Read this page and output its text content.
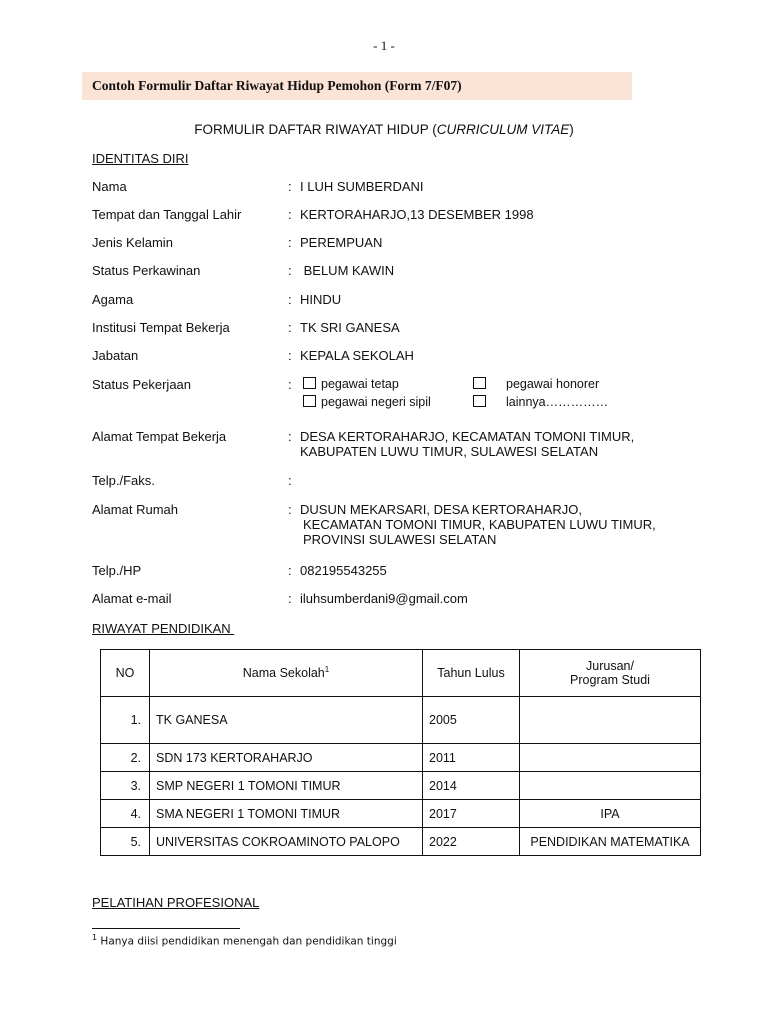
- 1 -
Contoh Formulir Daftar Riwayat Hidup Pemohon (Form 7/F07)
FORMULIR DAFTAR RIWAYAT HIDUP (CURRICULUM VITAE)
IDENTITAS DIRI
Nama	: I LUH SUMBERDANI
Tempat dan Tanggal Lahir	: KERTORAHARJO,13 DESEMBER 1998
Jenis Kelamin	: PEREMPUAN
Status Perkawinan	: BELUM KAWIN
Agama	: HINDU
Institusi Tempat Bekerja	: TK SRI GANESA
Jabatan	: KEPALA SEKOLAH
Status Pekerjaan	:	pegawai tetap	pegawai honorer
pegawai negeri sipil	lainnya……………
Alamat Tempat Bekerja	: DESA KERTORAHARJO, KECAMATAN TOMONI TIMUR,
KABUPATEN LUWU TIMUR, SULAWESI SELATAN
Telp./Faks.	:
Alamat Rumah	: DUSUN MEKARSARI, DESA KERTORAHARJO,
KECAMATAN TOMONI TIMUR, KABUPATEN LUWU TIMUR,
PROVINSI SULAWESI SELATAN
Telp./HP	: 082195543255
Alamat e-mail	: iluhsumberdani9@gmail.com
RIWAYAT PENDIDIKAN
NO	Nama Sekolah$^1$	Tahun Lulus	Jurusan/
Program Studi

1.	TK GANESA	2005	
2.	SDN 173 KERTORAHARJO	2011	
3.	SMP NEGERI 1 TOMONI TIMUR	2014	
4.	SMA NEGERI 1 TOMONI TIMUR	2017	IPA
5.	UNIVERSITAS COKROAMINOTO PALOPO	2022	PENDIDIKAN MATEMATIKA
PELATIHAN PROFESIONAL
$^1$ Hanya diisi pendidikan menengah dan pendidikan tinggi
